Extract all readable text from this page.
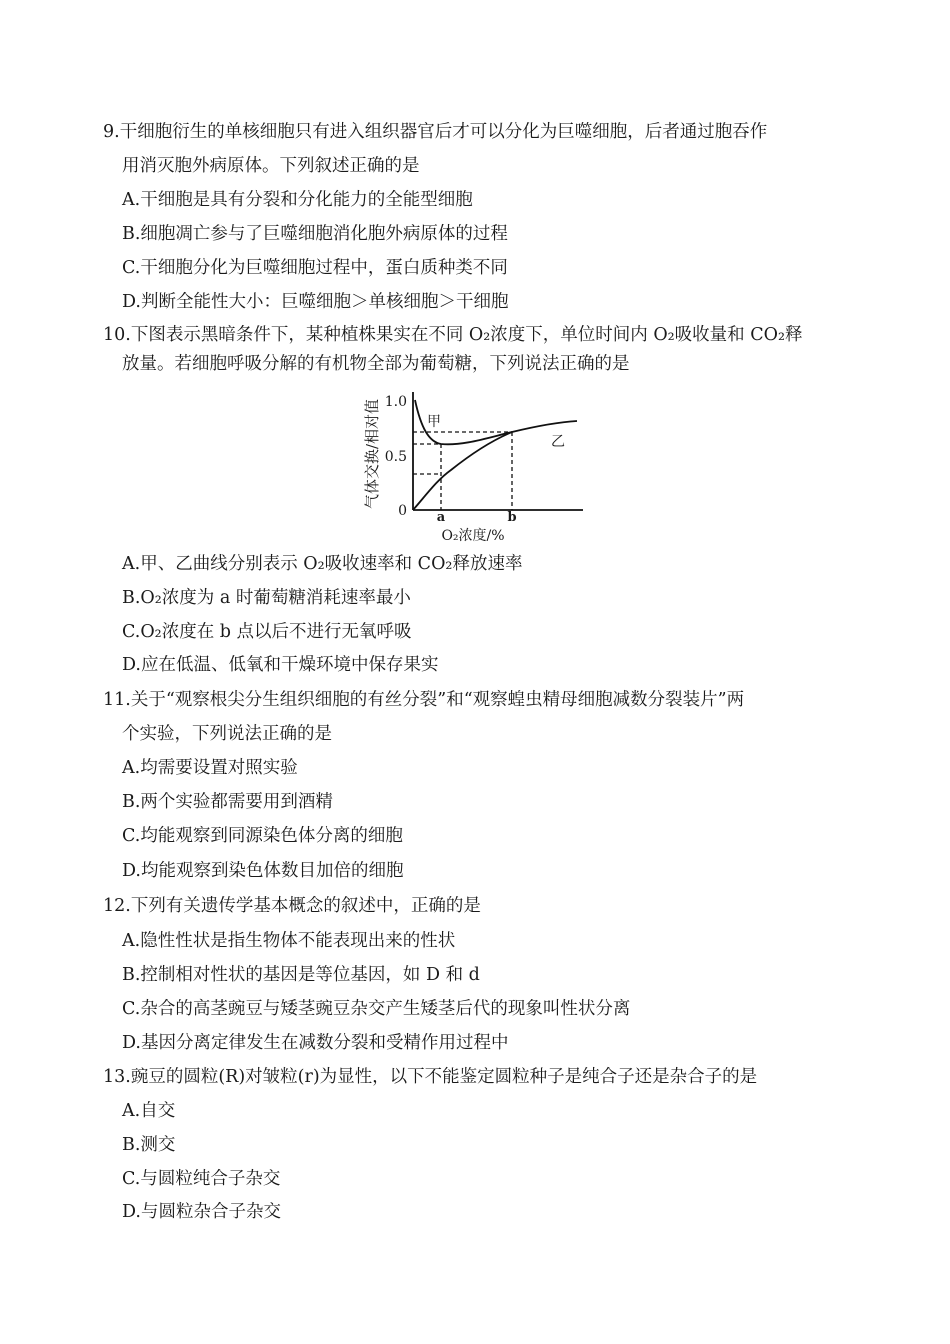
9.干细胞衍生的单核细胞只有进入组织器官后才可以分化为巨噬细胞，后者通过胞吞作
用消灭胞外病原体。下列叙述正确的是
A.干细胞是具有分裂和分化能力的全能型细胞
B.细胞凋亡参与了巨噬细胞消化胞外病原体的过程
C.干细胞分化为巨噬细胞过程中，蛋白质种类不同
D.判断全能性大小：巨噬细胞＞单核细胞＞干细胞
10.下图表示黑暗条件下，某种植株果实在不同 O₂浓度下，单位时间内 O₂吸收量和 CO₂释
放量。若细胞呼吸分解的有机物全部为葡萄糖，下列说法正确的是
气体交换/相对值 1.0
0.5
0 a	b
O₂浓度/%
甲
乙
A.甲、乙曲线分别表示 O₂吸收速率和 CO₂释放速率
B.O₂浓度为 a 时葡萄糖消耗速率最小
C.O₂浓度在 b 点以后不进行无氧呼吸
D.应在低温、低氧和干燥环境中保存果实
11.关于“观察根尖分生组织细胞的有丝分裂”和“观察蝗虫精母细胞减数分裂装片”两
个实验，下列说法正确的是
A.均需要设置对照实验
B.两个实验都需要用到酒精
C.均能观察到同源染色体分离的细胞
D.均能观察到染色体数目加倍的细胞
12.下列有关遗传学基本概念的叙述中，正确的是
A.隐性性状是指生物体不能表现出来的性状
B.控制相对性状的基因是等位基因，如 D 和 d
C.杂合的高茎豌豆与矮茎豌豆杂交产生矮茎后代的现象叫性状分离
D.基因分离定律发生在减数分裂和受精作用过程中
13.豌豆的圆粒(R)对皱粒(r)为显性，以下不能鉴定圆粒种子是纯合子还是杂合子的是
A.自交
B.测交
C.与圆粒纯合子杂交
D.与圆粒杂合子杂交
